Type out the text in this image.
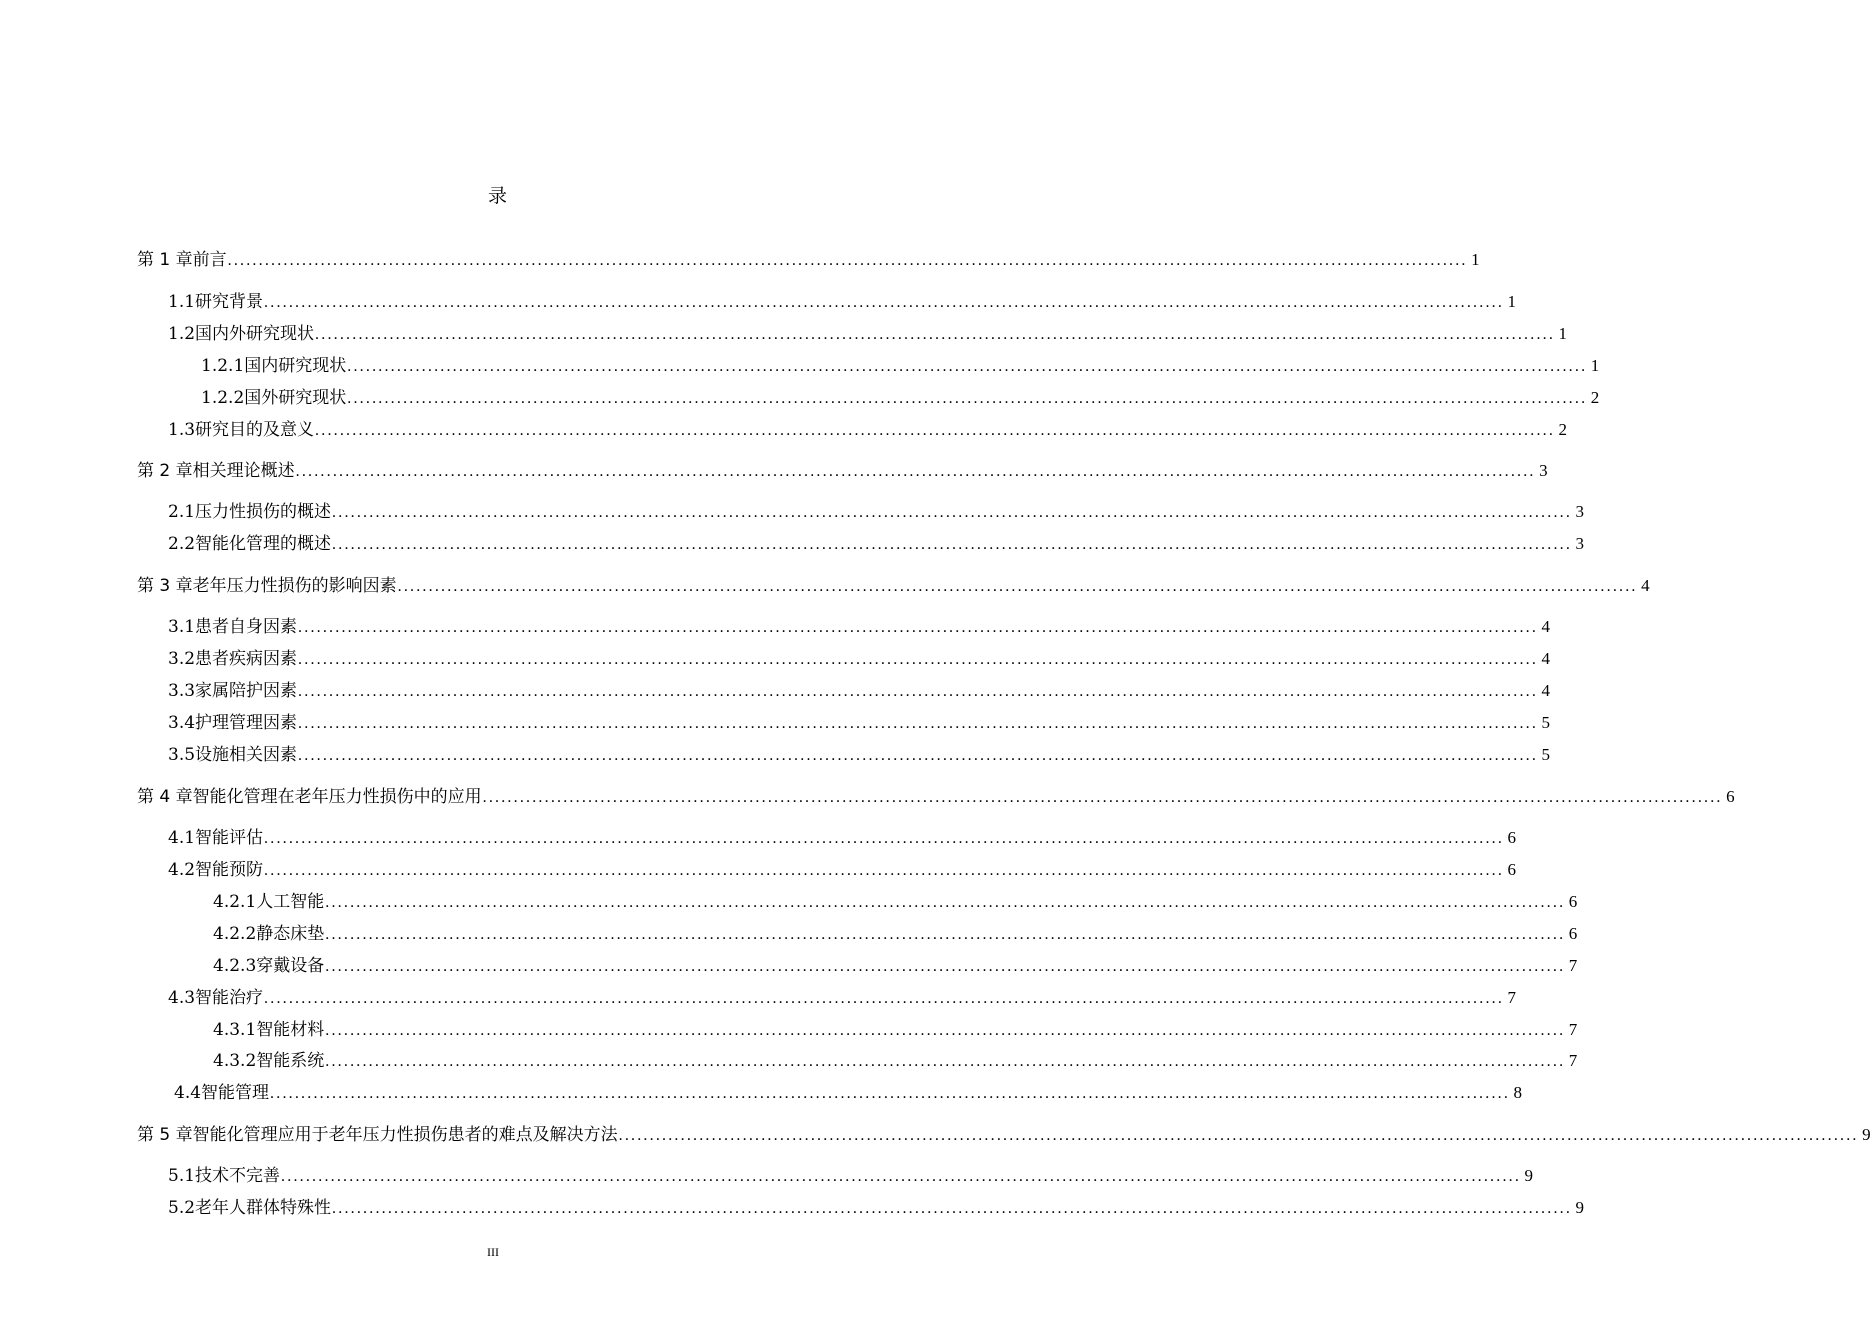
录
第 1 章 前言 ........................................................................................................................................................................................................ 1
1.1 研究背景 ........................................................................................................................................................................................................ 1
1.2 国内外研究现状 ........................................................................................................................................................................................................ 1
1.2.1 国内研究现状 ........................................................................................................................................................................................................ 1
1.2.2 国外研究现状 ........................................................................................................................................................................................................ 2
1.3 研究目的及意义 ........................................................................................................................................................................................................ 2
第 2 章 相关理论概述 ........................................................................................................................................................................................................ 3
2.1 压力性损伤的概述 ........................................................................................................................................................................................................ 3
2.2 智能化管理的概述 ........................................................................................................................................................................................................ 3
第 3 章 老年压力性损伤的影响因素 ........................................................................................................................................................................................................ 4
3.1 患者自身因素 ........................................................................................................................................................................................................ 4
3.2 患者疾病因素 ........................................................................................................................................................................................................ 4
3.3 家属陪护因素 ........................................................................................................................................................................................................ 4
3.4 护理管理因素 ........................................................................................................................................................................................................ 5
3.5 设施相关因素 ........................................................................................................................................................................................................ 5
第 4 章 智能化管理在老年压力性损伤中的应用 ........................................................................................................................................................................................................ 6
4.1 智能评估 ........................................................................................................................................................................................................ 6
4.2 智能预防 ........................................................................................................................................................................................................ 6
4.2.1 人工智能 ........................................................................................................................................................................................................ 6
4.2.2 静态床垫 ........................................................................................................................................................................................................ 6
4.2.3 穿戴设备 ........................................................................................................................................................................................................ 7
4.3 智能治疗 ........................................................................................................................................................................................................ 7
4.3.1 智能材料 ........................................................................................................................................................................................................ 7
4.3.2 智能系统 ........................................................................................................................................................................................................ 7
4.4 智能管理 ........................................................................................................................................................................................................ 8
第 5 章 智能化管理应用于老年压力性损伤患者的难点及解决方法 ........................................................................................................................................................................................................ 9
5.1 技术不完善 ........................................................................................................................................................................................................ 9
5.2 老年人群体特殊性 ........................................................................................................................................................................................................ 9
III
